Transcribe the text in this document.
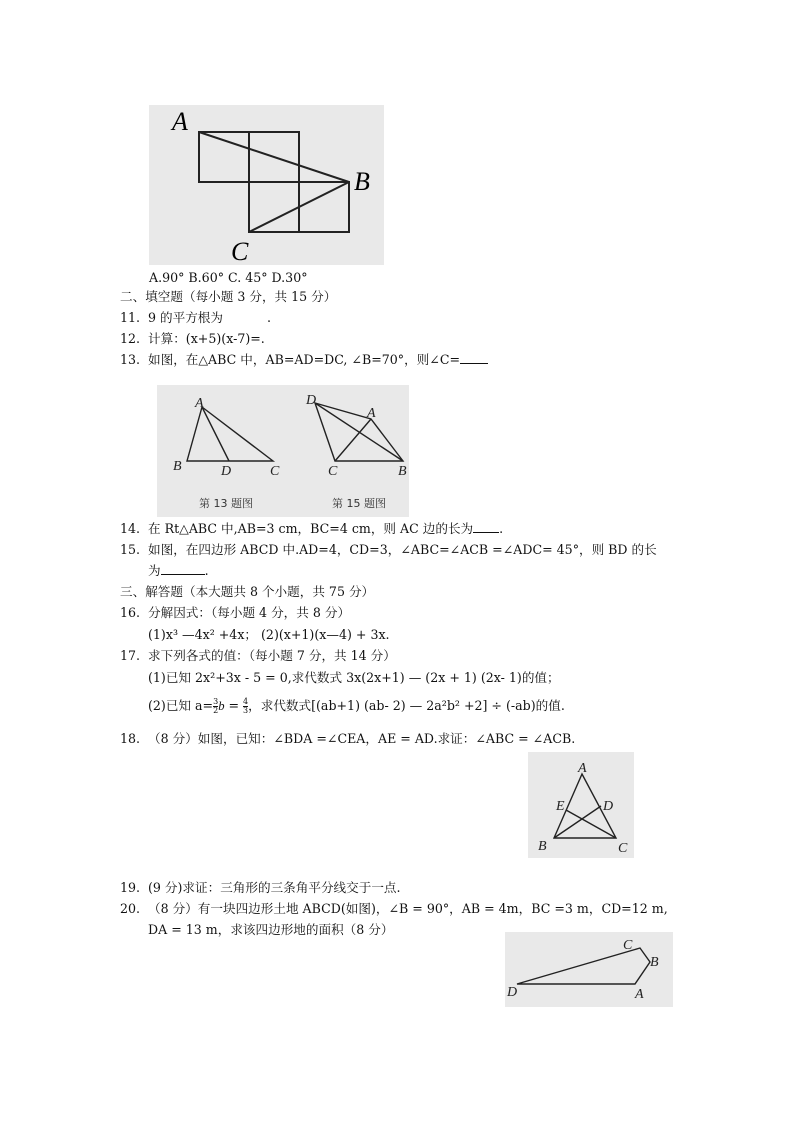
A
B
C
A.90° B.60° C. 45° D.30°
二、填空题（每小题 3 分，共 15 分）
11. 9 的平方根为	.
12. 计算：(x+5)(x-7)=.
13. 如图，在△ABC 中，AB=AD=DC, ∠B=70°，则∠C=
A
B	D	C
D
A
C	B
第 13 题图	第 15 题图
14. 在 Rt△ABC 中,AB=3 cm，BC=4 cm，则 AC 边的长为 .
15. 如图，在四边形 ABCD 中.AD=4，CD=3，∠ABC=∠ACB =∠ADC= 45°，则 BD 的长
为	.
三、解答题（本大题共 8 个小题，共 75 分）
16. 分解因式：（每小题 4 分，共 8 分）
(1)x³ —4x² +4x； (2)(x+1)(x—4) + 3x.
17. 求下列各式的值：（每小题 7 分，共 14 分）
(1)已知 2x²+3x - 5 = 0,求代数式 3x(2x+1) — (2x + 1) (2x- 1)的值；
(2)已知 $a= \frac{3}{2}$ $b = \frac{4}{3}$ ，求代数式[(ab+1) (ab- 2) — 2a²b² +2] ÷ (-ab)的值.
18. （8 分）如图，已知：∠BDA =∠CEA，AE = AD.求证：∠ABC = ∠ACB.
A
E	D
B	C
19. (9 分)求证：三角形的三条角平分线交于一点.
20. （8 分）有一块四边形土地 ABCD(如图)，∠B = 90°，AB = 4m，BC =3 m，CD=12 m,
DA = 13 m，求该四边形地的面积（8 分）
C
B
D	A
